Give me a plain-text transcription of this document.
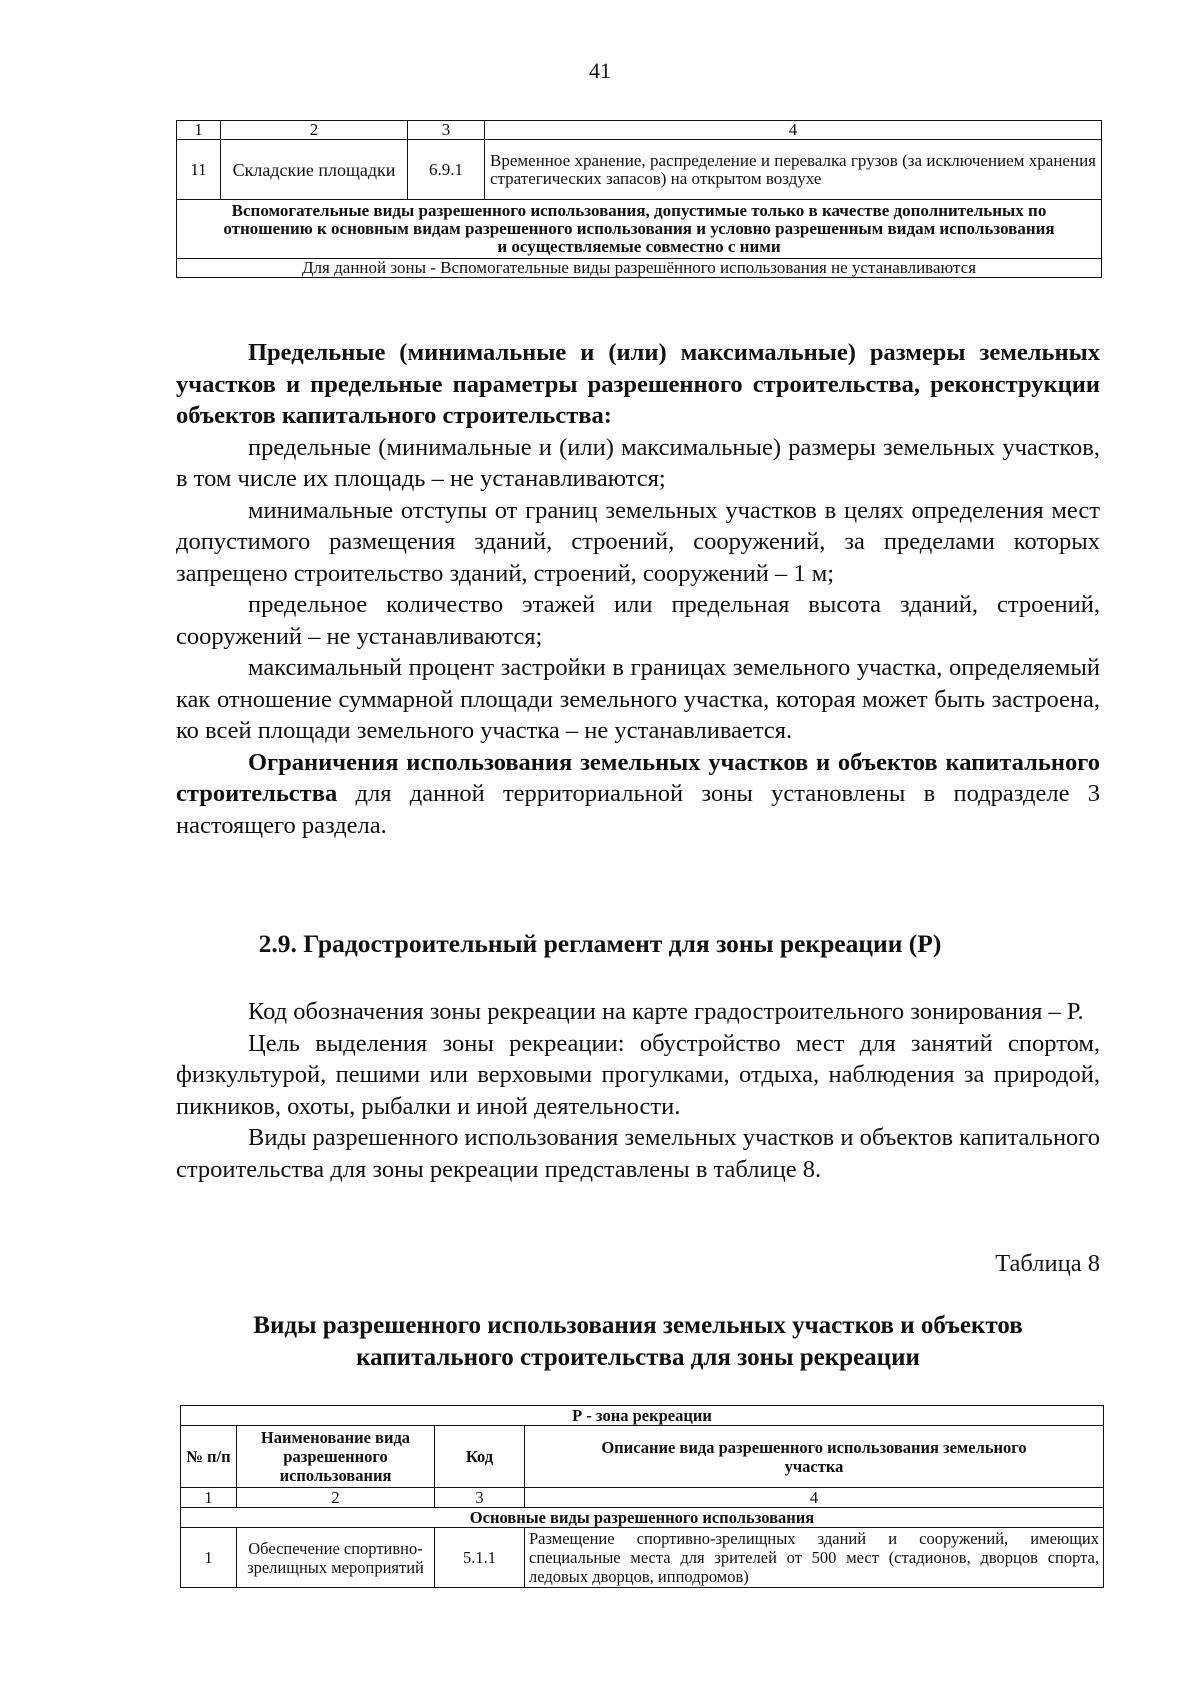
41
1	2	3	4
11	Складские площадки	6.9.1	Временное хранение, распределение и перевалка грузов (за исключением хранения стратегических запасов) на открытом воздухе
Вспомогательные виды разрешенного использования, допустимые только в качестве дополнительных по отношению к основным видам разрешенного использования и условно разрешенным видам использования и осуществляемые совместно с ними			
Для данной зоны - Вспомогательные виды разрешённого использования не устанавливаются			

Предельные (минимальные и (или) максимальные) размеры земельных участков и предельные параметры разрешенного строительства, реконструкции объектов капитального строительства:

предельные (минимальные и (или) максимальные) размеры земельных участков, в том числе их площадь – не устанавливаются;

минимальные отступы от границ земельных участков в целях определения мест допустимого размещения зданий, строений, сооружений, за пределами которых запрещено строительство зданий, строений, сооружений – 1 м;

предельное количество этажей или предельная высота зданий, строений, сооружений – не устанавливаются;

максимальный процент застройки в границах земельного участка, определяемый как отношение суммарной площади земельного участка, которая может быть застроена, ко всей площади земельного участка – не устанавливается.

Ограничения использования земельных участков и объектов капитального строительства для данной территориальной зоны установлены в подразделе 3 настоящего раздела.

2.9. Градостроительный регламент для зоны рекреации (Р)

Код обозначения зоны рекреации на карте градостроительного зонирования – Р.

Цель выделения зоны рекреации: обустройство мест для занятий спортом, физкультурой, пешими или верховыми прогулками, отдыха, наблюдения за природой, пикников, охоты, рыбалки и иной деятельности.

Виды разрешенного использования земельных участков и объектов капитального строительства для зоны рекреации представлены в таблице 8.

Таблица 8
Виды разрешенного использования земельных участков и объектов капитального строительства для зоны рекреации
Р - зона рекреации			
№ п/п	Наименование вида разрешенного использования	Код	Описание вида разрешенного использования земельного участка
1	2	3	4
Основные виды разрешенного использования			
1	Обеспечение спортивно-зрелищных мероприятий	5.1.1	Размещение спортивно-зрелищных зданий и сооружений, имеющих специальные места для зрителей от 500 мест (стадионов, дворцов спорта, ледовых дворцов, ипподромов)
